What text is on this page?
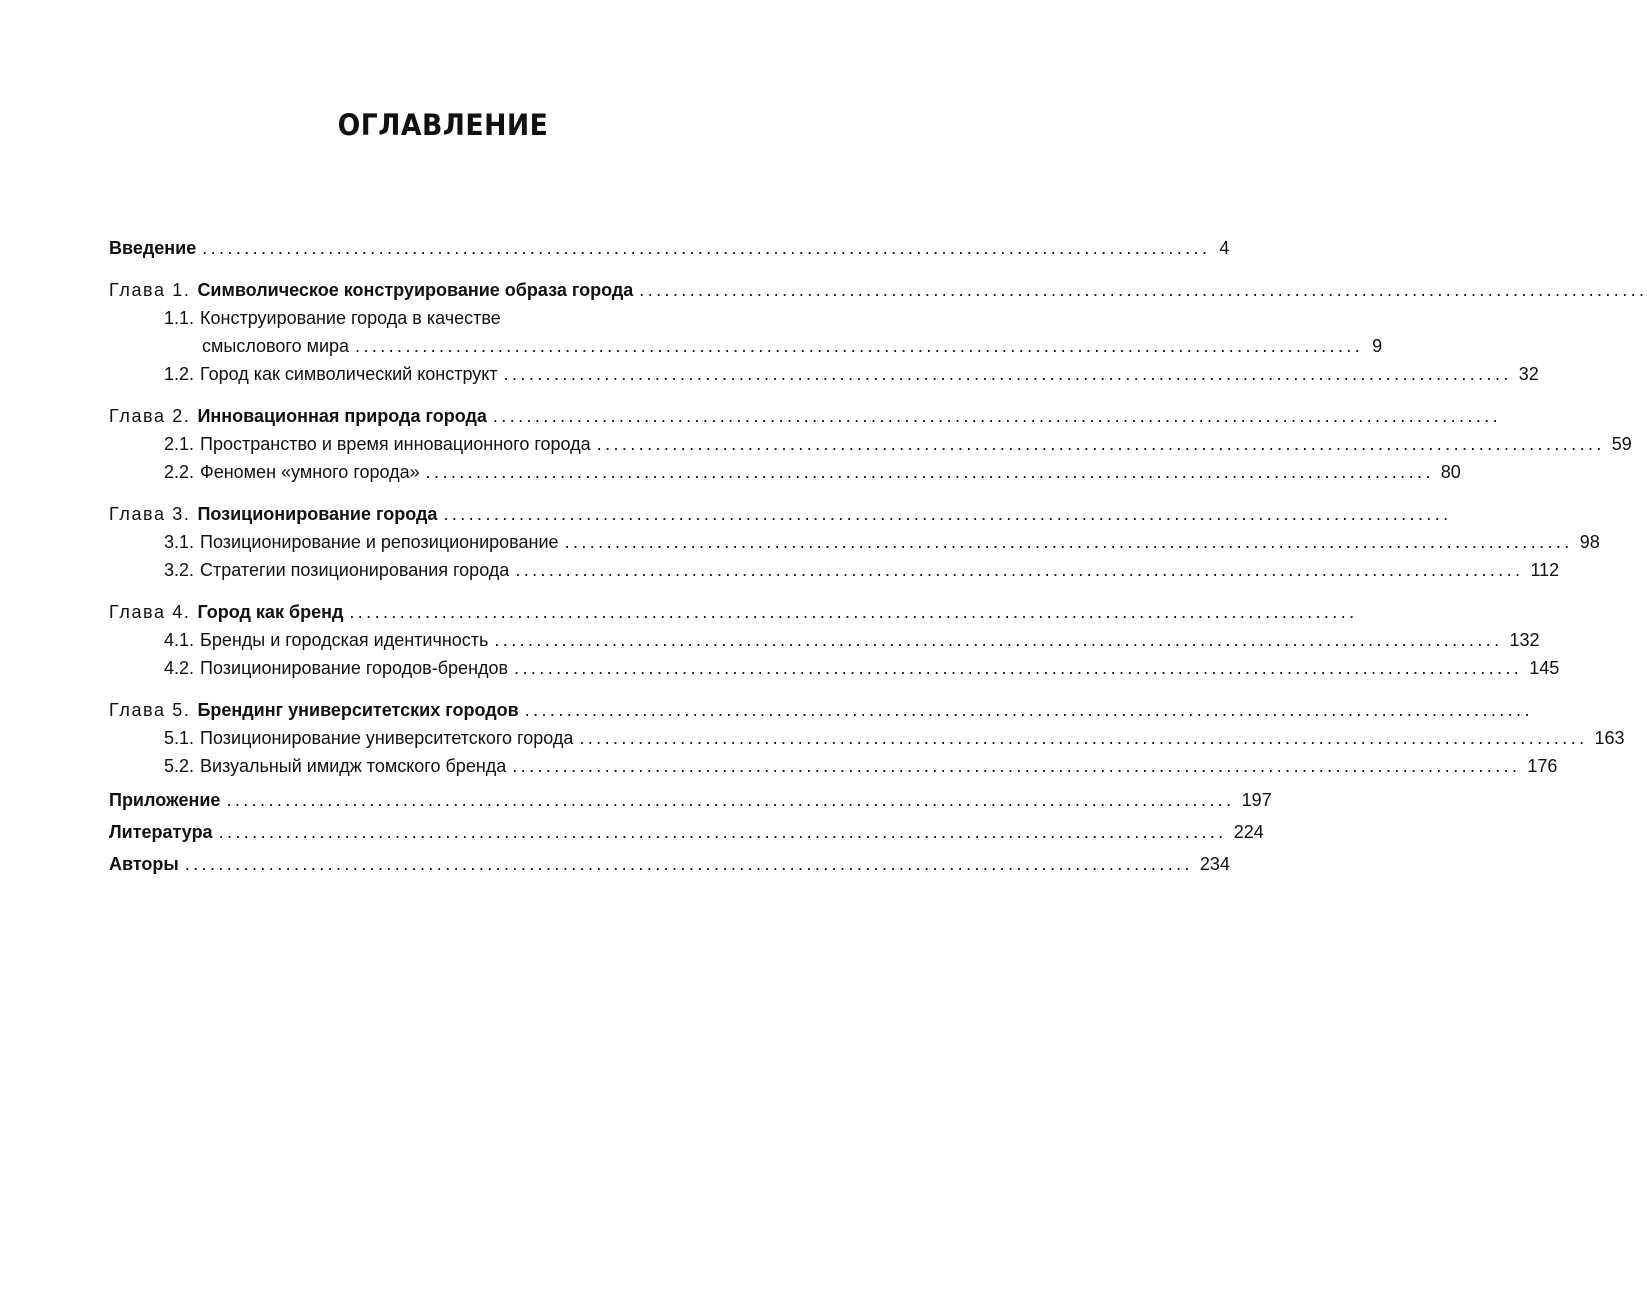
ОГЛАВЛЕНИЕ
Введение ........................................................................................................................ 4
Глава 1. Символическое конструирование образа города ........................................................................................................................
1.1. Конструирование города в качестве
смыслового мира ........................................................................................................................ 9
1.2. Город как символический конструкт ........................................................................................................................ 32
Глава 2. Инновационная природа города ........................................................................................................................
2.1. Пространство и время инновационного города ........................................................................................................................ 59
2.2. Феномен «умного города» ........................................................................................................................ 80
Глава 3. Позиционирование города ........................................................................................................................
3.1. Позиционирование и репозиционирование ........................................................................................................................ 98
3.2. Стратегии позиционирования города ........................................................................................................................ 112
Глава 4. Город как бренд ........................................................................................................................
4.1. Бренды и городская идентичность ........................................................................................................................ 132
4.2. Позиционирование городов-брендов ........................................................................................................................ 145
Глава 5. Брендинг университетских городов ........................................................................................................................
5.1. Позиционирование университетского города ........................................................................................................................ 163
5.2. Визуальный имидж томского бренда ........................................................................................................................ 176
Приложение ........................................................................................................................ 197
Литература ........................................................................................................................ 224
Авторы ........................................................................................................................ 234
